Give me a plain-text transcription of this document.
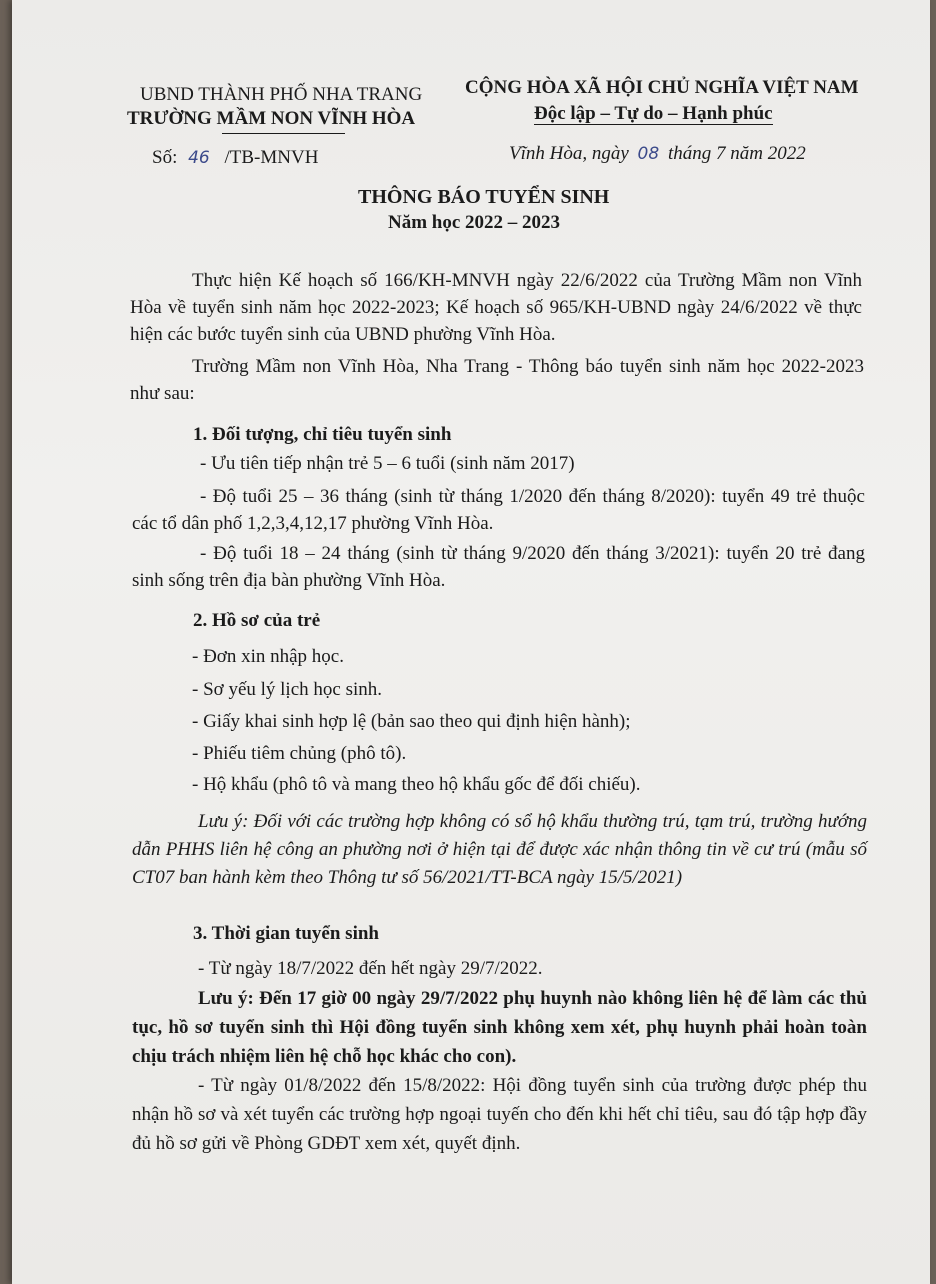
UBND THÀNH PHỐ NHA TRANG
TRƯỜNG MẦM NON VĨNH HÒA
CỘNG HÒA XÃ HỘI CHỦ NGHĨA VIỆT NAM
Độc lập – Tự do – Hạnh phúc
Số: 46 /TB-MNVH	Vĩnh Hòa, ngày 08 tháng 7 năm 2022
THÔNG BÁO TUYỂN SINH
Năm học 2022 – 2023
Thực hiện Kế hoạch số 166/KH-MNVH ngày 22/6/2022 của Trường Mầm non Vĩnh Hòa về tuyển sinh năm học 2022-2023; Kế hoạch số 965/KH-UBND ngày 24/6/2022 về thực hiện các bước tuyển sinh của UBND phường Vĩnh Hòa.
Trường Mầm non Vĩnh Hòa, Nha Trang - Thông báo tuyển sinh năm học 2022-2023 như sau:
1. Đối tượng, chỉ tiêu tuyển sinh
- Ưu tiên tiếp nhận trẻ 5 – 6 tuổi (sinh năm 2017)
- Độ tuổi 25 – 36 tháng (sinh từ tháng 1/2020 đến tháng 8/2020): tuyển 49 trẻ thuộc các tổ dân phố 1,2,3,4,12,17 phường Vĩnh Hòa.
- Độ tuổi 18 – 24 tháng (sinh từ tháng 9/2020 đến tháng 3/2021): tuyển 20 trẻ đang sinh sống trên địa bàn phường Vĩnh Hòa.
2. Hồ sơ của trẻ
- Đơn xin nhập học.
- Sơ yếu lý lịch học sinh.
- Giấy khai sinh hợp lệ (bản sao theo qui định hiện hành);
- Phiếu tiêm chủng (phô tô).
- Hộ khẩu (phô tô và mang theo hộ khẩu gốc để đối chiếu).
Lưu ý: Đối với các trường hợp không có sổ hộ khẩu thường trú, tạm trú, trường hướng dẫn PHHS liên hệ công an phường nơi ở hiện tại để được xác nhận thông tin về cư trú (mẫu số CT07 ban hành kèm theo Thông tư số 56/2021/TT-BCA ngày 15/5/2021)
3. Thời gian tuyển sinh
- Từ ngày 18/7/2022 đến hết ngày 29/7/2022.
Lưu ý: Đến 17 giờ 00 ngày 29/7/2022 phụ huynh nào không liên hệ để làm các thủ tục, hồ sơ tuyển sinh thì Hội đồng tuyển sinh không xem xét, phụ huynh phải hoàn toàn chịu trách nhiệm liên hệ chỗ học khác cho con).
- Từ ngày 01/8/2022 đến 15/8/2022: Hội đồng tuyển sinh của trường được phép thu nhận hồ sơ và xét tuyển các trường hợp ngoại tuyến cho đến khi hết chỉ tiêu, sau đó tập hợp đầy đủ hồ sơ gửi về Phòng GDĐT xem xét, quyết định.
